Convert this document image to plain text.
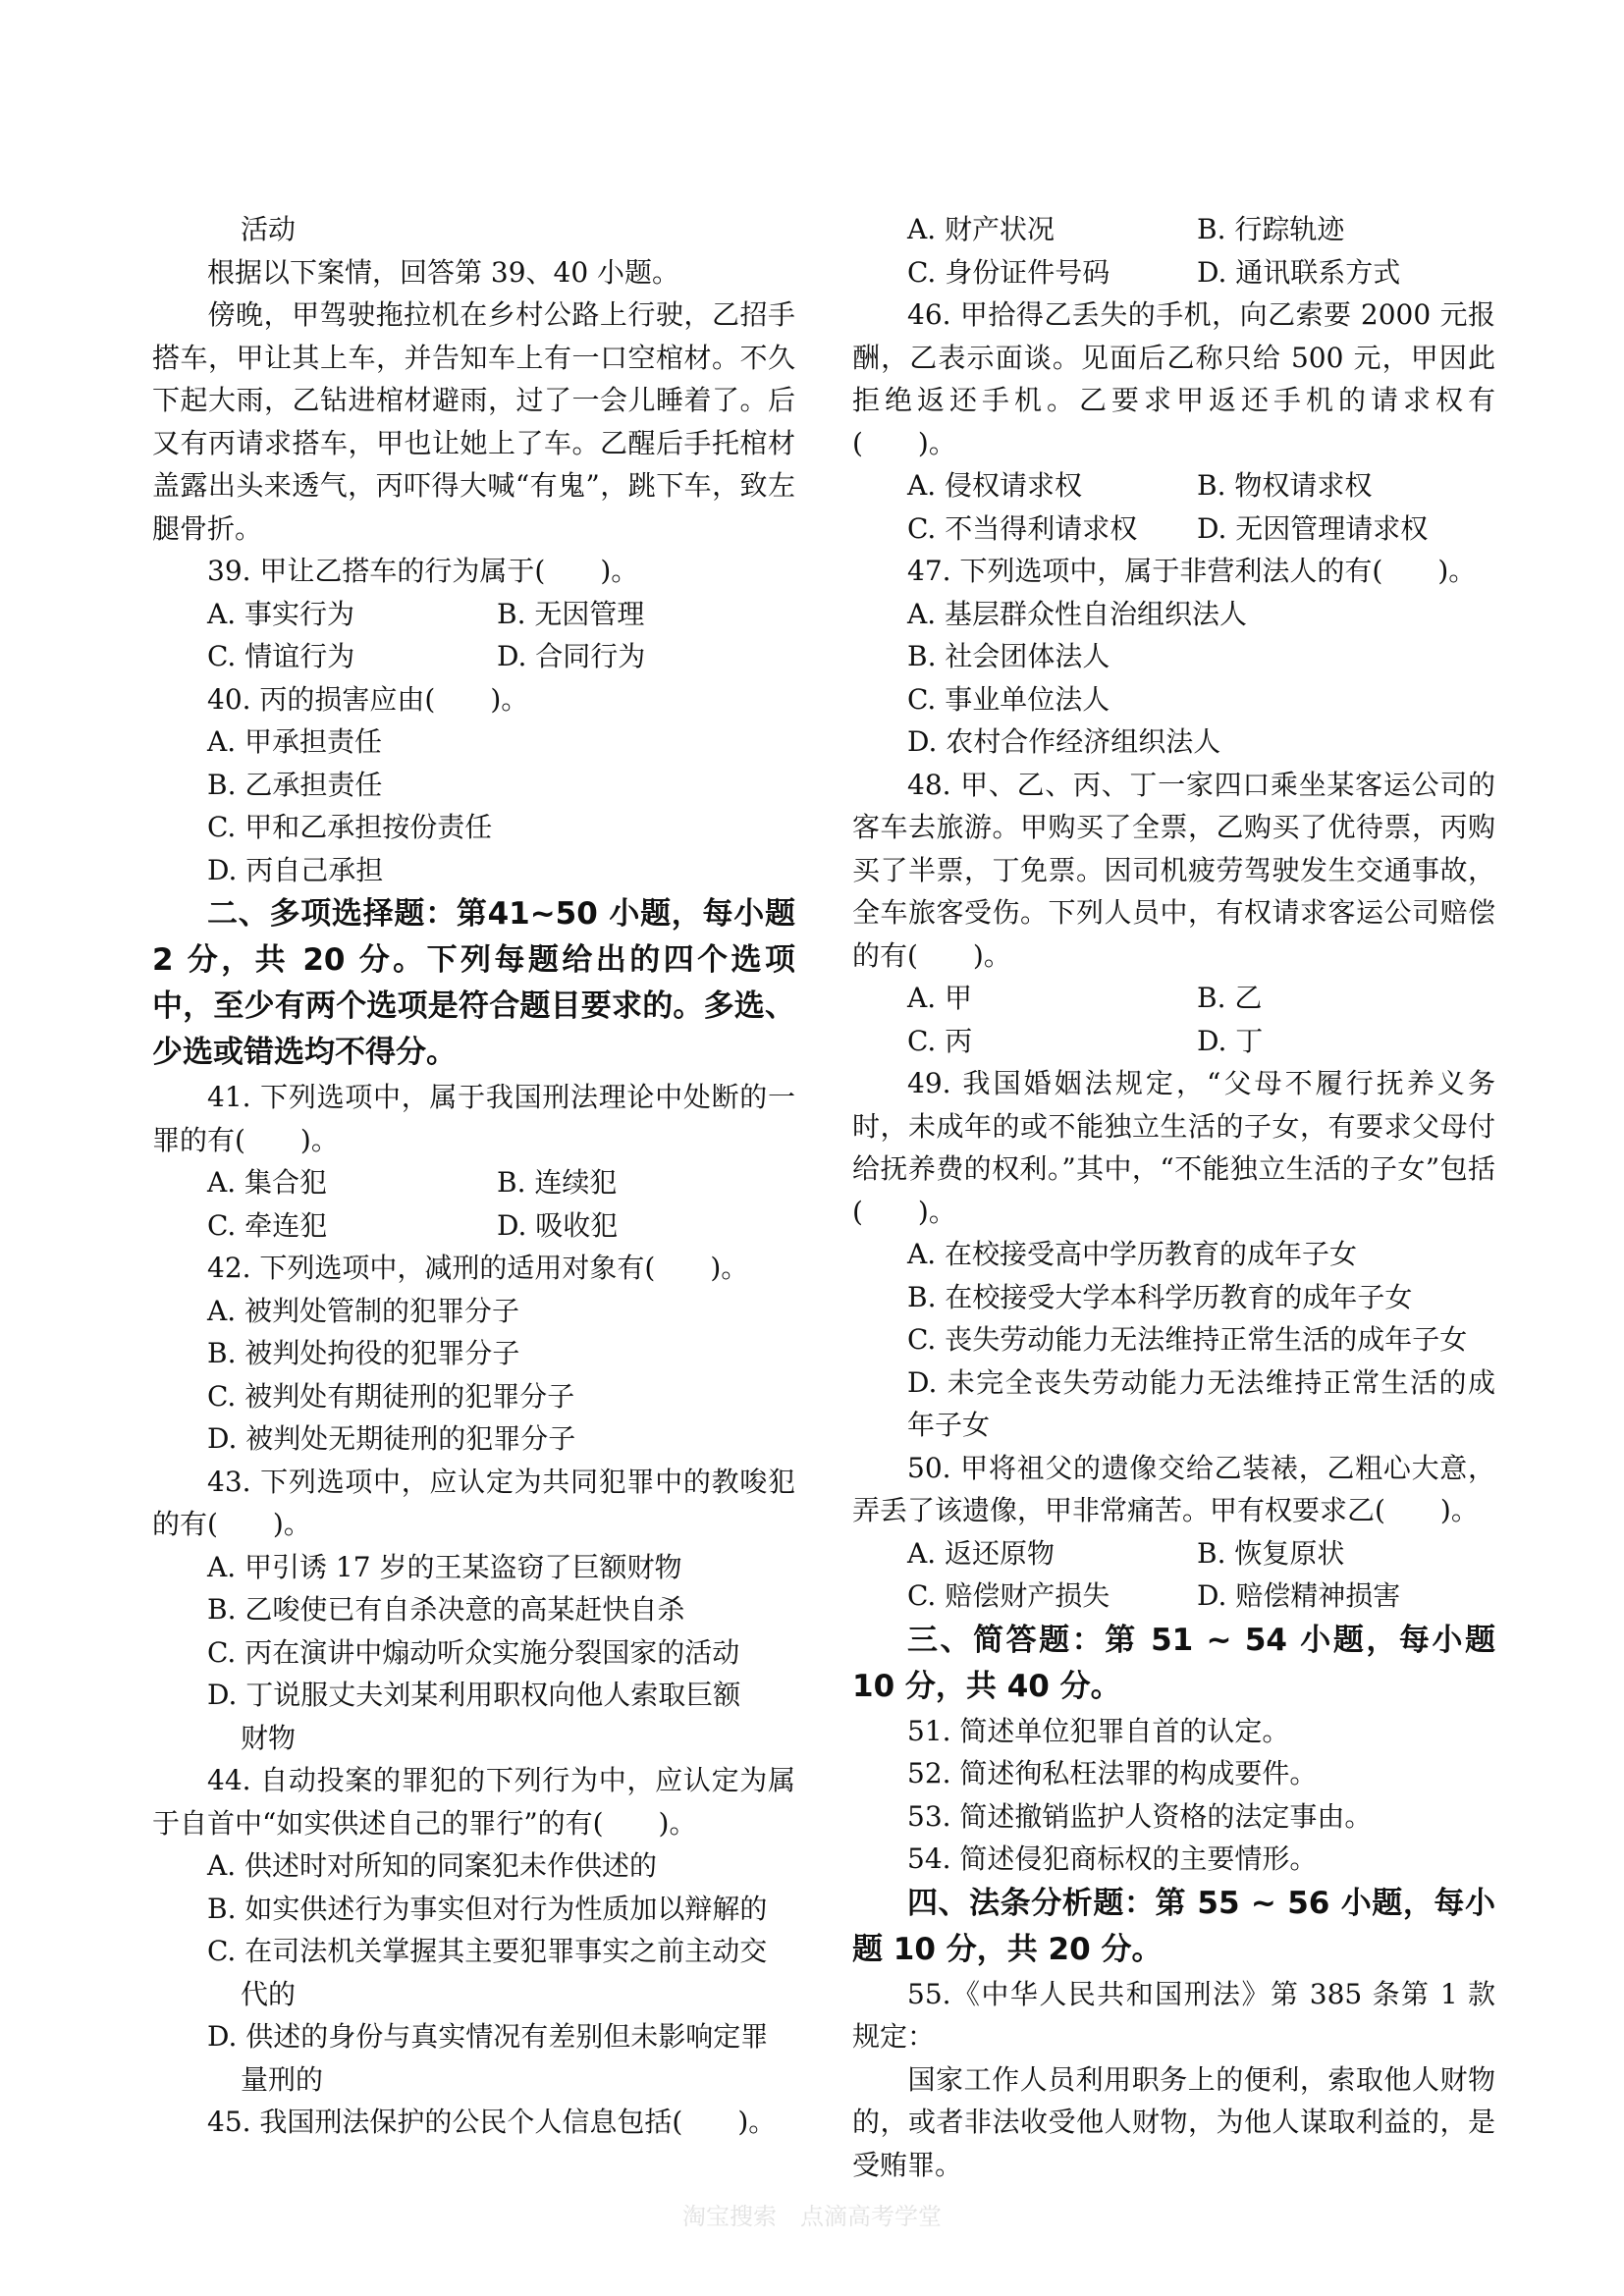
活动

根据以下案情，回答第 39、40 小题。

傍晚，甲驾驶拖拉机在乡村公路上行驶，乙招手搭车，甲让其上车，并告知车上有一口空棺材。不久下起大雨，乙钻进棺材避雨，过了一会儿睡着了。后又有丙请求搭车，甲也让她上了车。乙醒后手托棺材盖露出头来透气，丙吓得大喊“有鬼”，跳下车，致左腿骨折。

39. 甲让乙搭车的行为属于(　　)。

A. 事实行为	B. 无因管理
C. 情谊行为	D. 合同行为

40. 丙的损害应由(　　)。

A. 甲承担责任

B. 乙承担责任

C. 甲和乙承担按份责任

D. 丙自己承担

二、多项选择题：第41~50 小题，每小题 2 分，共 20 分。下列每题给出的四个选项中，至少有两个选项是符合题目要求的。多选、少选或错选均不得分。

41. 下列选项中，属于我国刑法理论中处断的一罪的有(　　)。

A. 集合犯	B. 连续犯
C. 牵连犯	D. 吸收犯

42. 下列选项中，减刑的适用对象有(　　)。

A. 被判处管制的犯罪分子

B. 被判处拘役的犯罪分子

C. 被判处有期徒刑的犯罪分子

D. 被判处无期徒刑的犯罪分子

43. 下列选项中，应认定为共同犯罪中的教唆犯的有(　　)。

A. 甲引诱 17 岁的王某盗窃了巨额财物

B. 乙唆使已有自杀决意的高某赶快自杀

C. 丙在演讲中煽动听众实施分裂国家的活动

D. 丁说服丈夫刘某利用职权向他人索取巨额

财物

44. 自动投案的罪犯的下列行为中，应认定为属于自首中“如实供述自己的罪行”的有(　　)。

A. 供述时对所知的同案犯未作供述的

B. 如实供述行为事实但对行为性质加以辩解的

C. 在司法机关掌握其主要犯罪事实之前主动交

代的

D. 供述的身份与真实情况有差别但未影响定罪

量刑的

45. 我国刑法保护的公民个人信息包括(　　)。

A. 财产状况	B. 行踪轨迹
C. 身份证件号码	D. 通讯联系方式

46. 甲拾得乙丢失的手机，向乙索要 2000 元报酬，乙表示面谈。见面后乙称只给 500 元，甲因此拒绝返还手机。乙要求甲返还手机的请求权有(　　)。

A. 侵权请求权	B. 物权请求权
C. 不当得利请求权	D. 无因管理请求权

47. 下列选项中，属于非营利法人的有(　　)。

A. 基层群众性自治组织法人

B. 社会团体法人

C. 事业单位法人

D. 农村合作经济组织法人

48. 甲、乙、丙、丁一家四口乘坐某客运公司的客车去旅游。甲购买了全票，乙购买了优待票，丙购买了半票，丁免票。因司机疲劳驾驶发生交通事故，全车旅客受伤。下列人员中，有权请求客运公司赔偿的有(　　)。

A. 甲	B. 乙
C. 丙	D. 丁

49. 我国婚姻法规定，“父母不履行抚养义务时，未成年的或不能独立生活的子女，有要求父母付给抚养费的权利。”其中，“不能独立生活的子女”包括(　　)。

A. 在校接受高中学历教育的成年子女

B. 在校接受大学本科学历教育的成年子女

C. 丧失劳动能力无法维持正常生活的成年子女

D. 未完全丧失劳动能力无法维持正常生活的成年子女

50. 甲将祖父的遗像交给乙装裱，乙粗心大意，弄丢了该遗像，甲非常痛苦。甲有权要求乙(　　)。

A. 返还原物	B. 恢复原状
C. 赔偿财产损失	D. 赔偿精神损害

三、简答题：第 51 ~ 54 小题，每小题 10 分，共 40 分。

51. 简述单位犯罪自首的认定。

52. 简述徇私枉法罪的构成要件。

53. 简述撤销监护人资格的法定事由。

54. 简述侵犯商标权的主要情形。

四、法条分析题：第 55 ~ 56 小题，每小题 10 分，共 20 分。

55.《中华人民共和国刑法》第 385 条第 1 款规定：

国家工作人员利用职务上的便利，索取他人财物的，或者非法收受他人财物，为他人谋取利益的，是受贿罪。

淘宝搜索　点滴高考学堂
